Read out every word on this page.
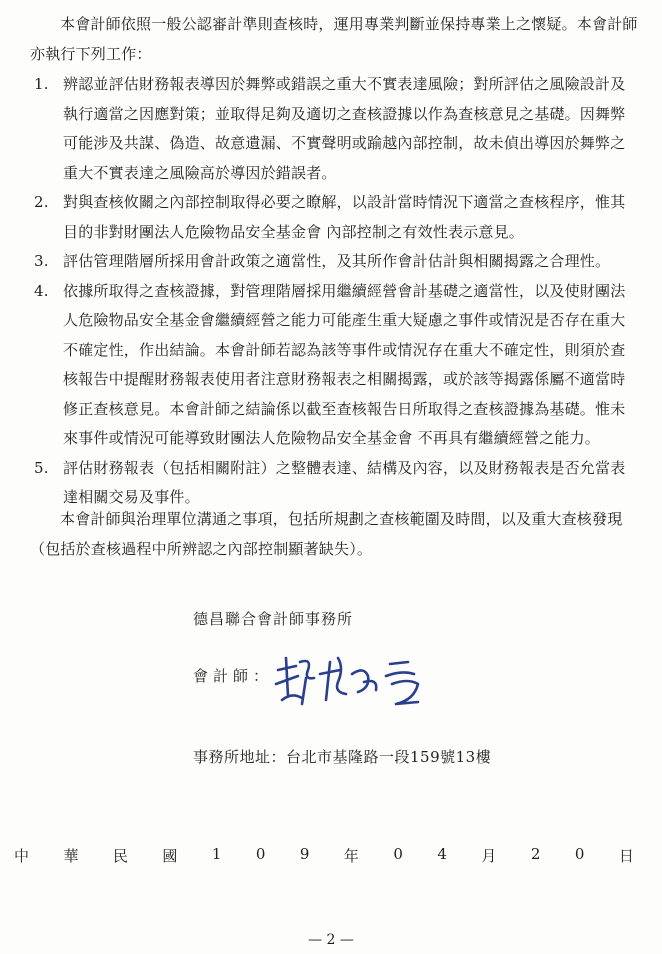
本會計師依照一般公認審計準則查核時，運用專業判斷並保持專業上之懷疑。本會計師亦執行下列工作：
1. 辨認並評估財務報表導因於舞弊或錯誤之重大不實表達風險；對所評估之風險設計及執行適當之因應對策；並取得足夠及適切之查核證據以作為查核意見之基礎。因舞弊可能涉及共謀、偽造、故意遺漏、不實聲明或踰越內部控制，故未偵出導因於舞弊之重大不實表達之風險高於導因於錯誤者。
2. 對與查核攸關之內部控制取得必要之瞭解，以設計當時情況下適當之查核程序，惟其目的非對財團法人危險物品安全基金會 內部控制之有效性表示意見。
3. 評估管理階層所採用會計政策之適當性，及其所作會計估計與相關揭露之合理性。
4. 依據所取得之查核證據，對管理階層採用繼續經營會計基礎之適當性，以及使財團法人危險物品安全基金會繼續經營之能力可能產生重大疑慮之事件或情況是否存在重大不確定性，作出結論。本會計師若認為該等事件或情況存在重大不確定性，則須於查核報告中提醒財務報表使用者注意財務報表之相關揭露，或於該等揭露係屬不適當時修正查核意見。本會計師之結論係以截至查核報告日所取得之查核證據為基礎。惟未來事件或情況可能導致財團法人危險物品安全基金會 不再具有繼續經營之能力。
5. 評估財務報表（包括相關附註）之整體表達、結構及內容，以及財務報表是否允當表達相關交易及事件。
本會計師與治理單位溝通之事項，包括所規劃之查核範圍及時間，以及重大查核發現（包括於查核過程中所辨認之內部控制顯著缺失）。
德昌聯合會計師事務所
會計師：
事務所地址：台北市基隆路一段159號13樓
中 華 民 國 1 0 9 年 0 4 月 2 0 日
— 2 —
